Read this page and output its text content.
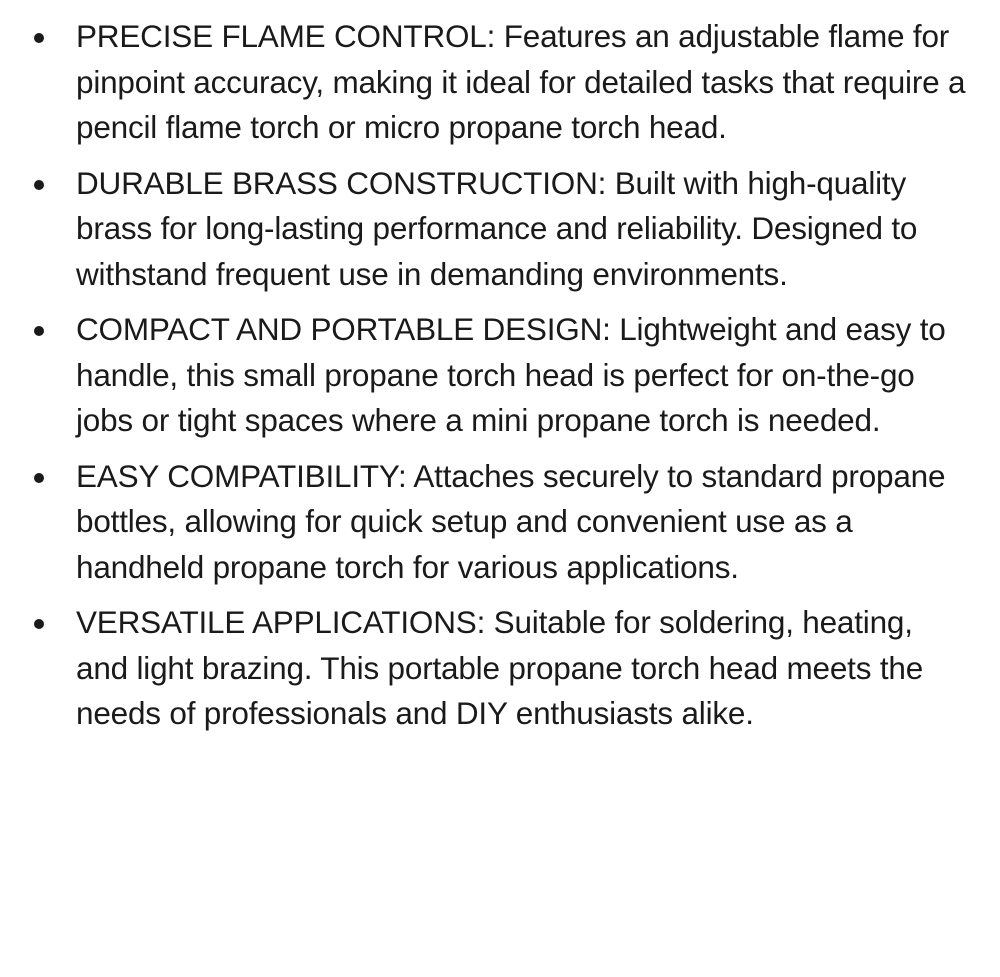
PRECISE FLAME CONTROL: Features an adjustable flame for pinpoint accuracy, making it ideal for detailed tasks that require a pencil flame torch or micro propane torch head.
DURABLE BRASS CONSTRUCTION: Built with high-quality brass for long-lasting performance and reliability. Designed to withstand frequent use in demanding environments.
COMPACT AND PORTABLE DESIGN: Lightweight and easy to handle, this small propane torch head is perfect for on-the-go jobs or tight spaces where a mini propane torch is needed.
EASY COMPATIBILITY: Attaches securely to standard propane bottles, allowing for quick setup and convenient use as a handheld propane torch for various applications.
VERSATILE APPLICATIONS: Suitable for soldering, heating, and light brazing. This portable propane torch head meets the needs of professionals and DIY enthusiasts alike.
